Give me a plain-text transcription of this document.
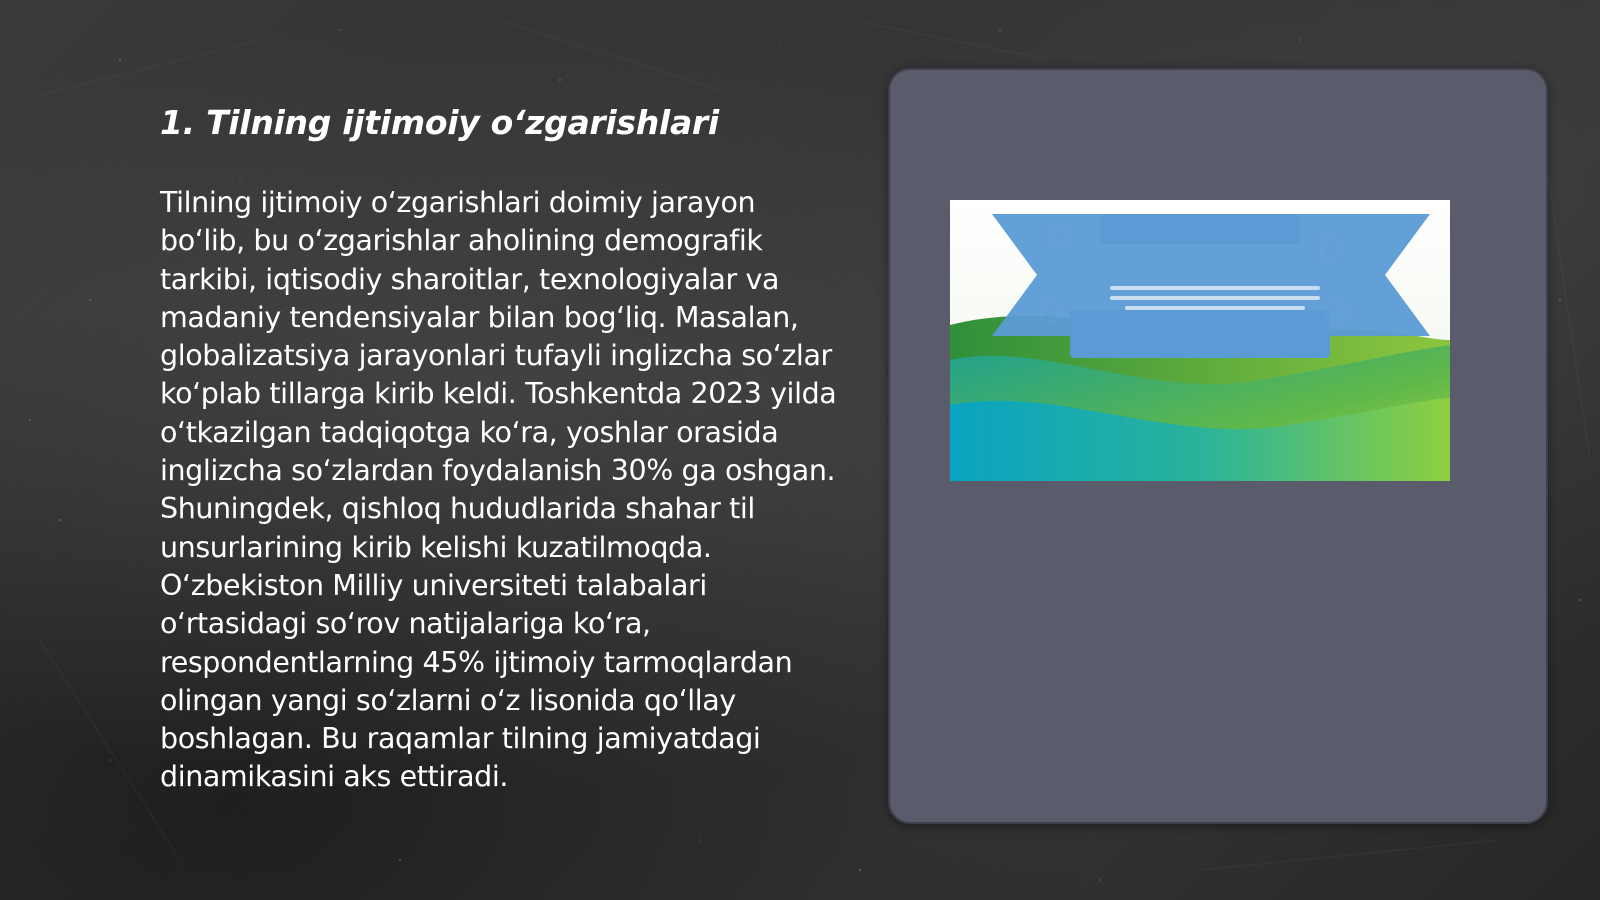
1. Tilning ijtimoiy o‘zgarishlari

Tilning ijtimoiy o‘zgarishlari doimiy jarayon bo‘lib, bu o‘zgarishlar aholining demografik tarkibi, iqtisodiy sharoitlar, texnologiyalar va madaniy tendensiyalar bilan bog‘liq. Masalan, globalizatsiya jarayonlari tufayli inglizcha so‘zlar ko‘plab tillarga kirib keldi. Toshkentda 2023 yilda o‘tkazilgan tadqiqotga ko‘ra, yoshlar orasida inglizcha so‘zlardan foydalanish 30% ga oshgan. Shuningdek, qishloq hududlarida shahar til unsurlarining kirib kelishi kuzatilmoqda. O‘zbekiston Milliy universiteti talabalari o‘rtasidagi so‘rov natijalariga ko‘ra, respondentlarning 45% ijtimoiy tarmoqlardan olingan yangi so‘zlarni o‘z lisonida qo‘llay boshlagan. Bu raqamlar tilning jamiyatdagi dinamikasini aks ettiradi.
